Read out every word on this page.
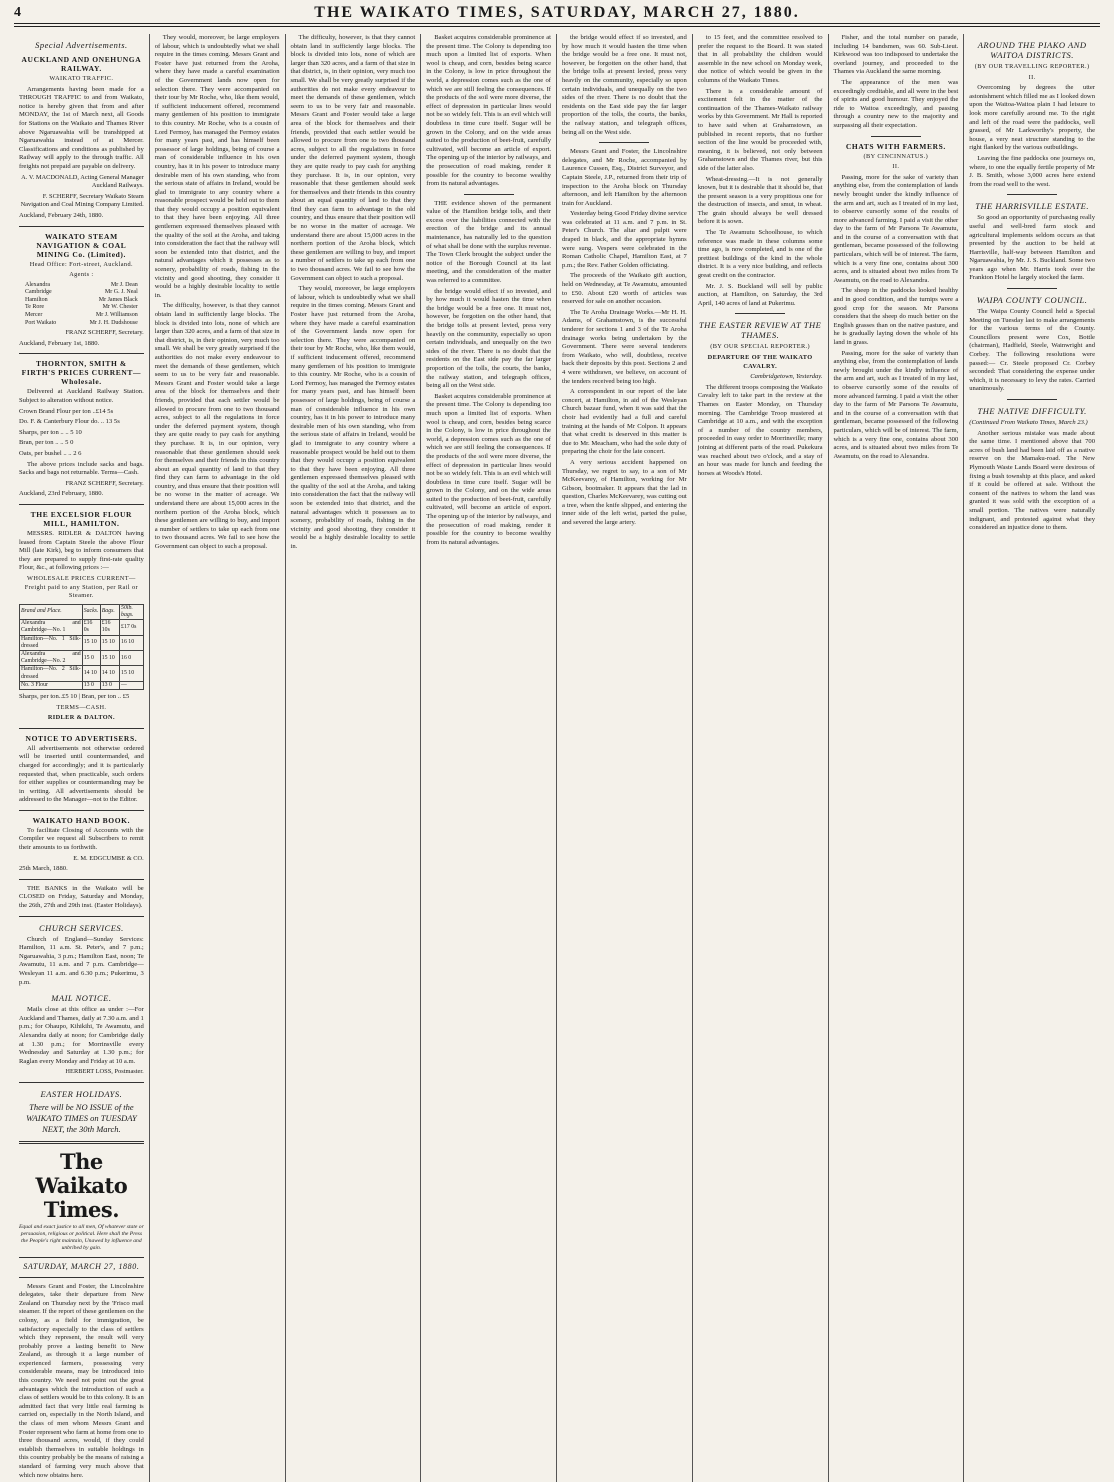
4	THE WAIKATO TIMES, SATURDAY, MARCH 27, 1880.
Special Advertisements.
AUCKLAND AND ONEHUNGA RAILWAY.
WAIKATO TRAFFIC.

Arrangements having been made for a THROUGH TRAFFIC to and from Waikato, notice is hereby given that from and after MONDAY, the 1st of March next, all Goods for Stations on the Waikato and Thames River above Ngaruawahia will be transhipped at Ngaruawahia instead of at Mercer. Classifications and conditions as published by Railway will apply to the through traffic. All freights not prepaid are payable on delivery.

A. V. MACDONALD, Acting General Manager Auckland Railways.
F. SCHERFF, Secretary Waikato Steam Navigation and Coal Mining Company Limited.

Auckland, February 24th, 1880.

WAIKATO STEAM NAVIGATION & COAL MINING Co. (Limited).
Head Office: Fort-street, Auckland.
Agents :
Alexandra	Mr J. Dean
Cambridge	Mr G. J. Neal
Hamilton	Mr James Black
Te Rore	Mr W. Chester
Mercer	Mr J. Williamson
Port Waikato	Mr J. H. Dudshouse
FRANZ SCHERFF, Secretary.

Auckland, February 1st, 1880.

THORNTON, SMITH & FIRTH'S PRICES CURRENT—Wholesale.

Delivered at Auckland Railway Station. Subject to alteration without notice.

Crown Brand Flour per ton ..£14 5s

Do. F. & Canterbury Flour do. .. 13 5s

Sharps, per ton .. .. 5 10

Bran, per ton .. .. 5 0

Oats, per bushel .. .. 2 6

The above prices include sacks and bags. Sacks and bags not returnable. Terms—Cash.

FRANZ SCHERFF, Secretary.

Auckland, 23rd February, 1880.

THE EXCELSIOR FLOUR MILL, HAMILTON.

MESSRS. RIDLER & DALTON having leased from Captain Steele the above Flour Mill (late Kirk), beg to inform consumers that they are prepared to supply first-rate quality Flour, &c., at following prices :—

WHOLESALE PRICES CURRENT— Freight paid to any Station, per Rail or Steamer.
Brand and Place.	Sacks.	Bags.	50lb. bags.
Alexandra and Cambridge—No. 1	£16 0s	£16 10s	£17 0s
Hamilton—No. 1 Silk-dressed	15 10	15 10	16 10
Alexandra and Cambridge—No. 2	15 0	15 10	16 0
Hamilton—No. 2 Silk-dressed	14 10	14 10	15 10
No. 3 Flour	13 0	13 0	—

Sharps, per ton..£5 10 | Bran, per ton .. £5

TERMS—CASH.
RIDLER & DALTON.
NOTICE TO ADVERTISERS.

All advertisements not otherwise ordered will be inserted until countermanded, and charged for accordingly; and it is particularly requested that, when practicable, such orders for either supplies or countermanding may be in writing. All advertisements should be addressed to the Manager—not to the Editor.

WAIKATO HAND BOOK.

To facilitate Closing of Accounts with the Compiler we request all Subscribers to remit their amounts to us forthwith.

E. M. EDGCUMBE & CO.

25th March, 1880.

THE BANKS in the Waikato will be CLOSED on Friday, Saturday and Monday, the 26th, 27th and 29th inst. (Easter Holidays).

CHURCH SERVICES.

Church of England—Sunday Services: Hamilton, 11 a.m. St. Peter's, and 7 p.m.; Ngaruawahia, 3 p.m.; Hamilton East, noon; Te Awamutu, 11 a.m. and 7 p.m. Cambridge—Wesleyan 11 a.m. and 6.30 p.m.; Pukerimu, 3 p.m.

MAIL NOTICE.

Mails close at this office as under :—For Auckland and Thames, daily at 7.30 a.m. and 1 p.m.; for Ohaupo, Kihikihi, Te Awamutu, and Alexandra daily at noon; for Cambridge daily at 1.30 p.m.; for Morrinsville every Wednesday and Saturday at 1.30 p.m.; for Raglan every Monday and Friday at 10 a.m.

HERBERT LOSS, Postmaster.
EASTER HOLIDAYS.
There will be NO ISSUE of the WAIKATO TIMES on TUESDAY NEXT, the 30th March.
The Waikato Times.

Equal and exact justice to all men, Of whatever state or persuasion, religious or political. Here shall the Press the People's right maintain, Unawed by influence and unbribed by gain.

SATURDAY, MARCH 27, 1880.

Messrs Grant and Foster, the Lincolnshire delegates, take their departure from New Zealand on Thursday next by the 'Frisco mail steamer. If the report of these gentlemen on the colony, as a field for immigration, be satisfactory especially to the class of settlers which they represent, the result will very probably prove a lasting benefit to New Zealand, as through it a large number of experienced farmers, possessing very considerable means, may be introduced into this country. We need not point out the great advantages which the introduction of such a class of settlers would be to this colony. It is an admitted fact that very little real farming is carried on, especially in the North Island, and the class of men whom Messrs Grant and Foster represent who farm at home from one to three thousand acres, would, if they could establish themselves in suitable holdings in this country probably be the means of raising a standard of farming very much above that which now obtains here.

They would, moreover, be large employers of labour, which is undoubtedly what we shall require in the times coming. Messrs Grant and Foster have just returned from the Aroha, where they have made a careful examination of the Government lands now open for selection there. They were accompanied on their tour by Mr Roche, who, like them would, if sufficient inducement offered, recommend many gentlemen of his position to immigrate to this country. Mr Roche, who is a cousin of Lord Fermoy, has managed the Fermoy estates for many years past, and has himself been possessor of large holdings, being of course a man of considerable influence in his own country, has it in his power to introduce many desirable men of his own standing, who from the serious state of affairs in Ireland, would be glad to immigrate to any country where a reasonable prospect would be held out to them that they would occupy a position equivalent to that they have been enjoying. All three gentlemen expressed themselves pleased with the quality of the soil at the Aroha, and taking into consideration the fact that the railway will soon be extended into that district, and the natural advantages which it possesses as to scenery, probability of roads, fishing in the vicinity and good shooting, they consider it would be a highly desirable locality to settle in.

The difficulty, however, is that they cannot obtain land in sufficiently large blocks. The block is divided into lots, none of which are larger than 320 acres, and a farm of that size in that district, is, in their opinion, very much too small. We shall be very greatly surprised if the authorities do not make every endeavour to meet the demands of these gentlemen, which seem to us to be very fair and reasonable. Messrs Grant and Foster would take a large area of the block for themselves and their friends, provided that each settler would be allowed to procure from one to two thousand acres, subject to all the regulations in force under the deferred payment system, though they are quite ready to pay cash for anything they purchase. It is, in our opinion, very reasonable that these gentlemen should seek for themselves and their friends in this country about an equal quantity of land to that they find they can farm to advantage in the old country, and thus ensure that their position will be no worse in the matter of acreage. We understand there are about 15,000 acres in the northern portion of the Aroha block, which these gentlemen are willing to buy, and import a number of settlers to take up each from one to two thousand acres. We fail to see how the Government can object to such a proposal.

The difficulty, however, is that they cannot obtain land in sufficiently large blocks. The block is divided into lots, none of which are larger than 320 acres, and a farm of that size in that district, is, in their opinion, very much too small. We shall be very greatly surprised if the authorities do not make every endeavour to meet the demands of these gentlemen, which seem to us to be very fair and reasonable. Messrs Grant and Foster would take a large area of the block for themselves and their friends, provided that each settler would be allowed to procure from one to two thousand acres, subject to all the regulations in force under the deferred payment system, though they are quite ready to pay cash for anything they purchase. It is, in our opinion, very reasonable that these gentlemen should seek for themselves and their friends in this country about an equal quantity of land to that they find they can farm to advantage in the old country, and thus ensure that their position will be no worse in the matter of acreage. We understand there are about 15,000 acres in the northern portion of the Aroha block, which these gentlemen are willing to buy, and import a number of settlers to take up each from one to two thousand acres. We fail to see how the Government can object to such a proposal.

They would, moreover, be large employers of labour, which is undoubtedly what we shall require in the times coming. Messrs Grant and Foster have just returned from the Aroha, where they have made a careful examination of the Government lands now open for selection there. They were accompanied on their tour by Mr Roche, who, like them would, if sufficient inducement offered, recommend many gentlemen of his position to immigrate to this country. Mr Roche, who is a cousin of Lord Fermoy, has managed the Fermoy estates for many years past, and has himself been possessor of large holdings, being of course a man of considerable influence in his own country, has it in his power to introduce many desirable men of his own standing, who from the serious state of affairs in Ireland, would be glad to immigrate to any country where a reasonable prospect would be held out to them that they would occupy a position equivalent to that they have been enjoying. All three gentlemen expressed themselves pleased with the quality of the soil at the Aroha, and taking into consideration the fact that the railway will soon be extended into that district, and the natural advantages which it possesses as to scenery, probability of roads, fishing in the vicinity and good shooting, they consider it would be a highly desirable locality to settle in.

Basket acquires considerable prominence at the present time. The Colony is depending too much upon a limited list of exports. When wool is cheap, and corn, besides being scarce in the Colony, is low in price throughout the world, a depression comes such as the one of which we are still feeling the consequences. If the products of the soil were more diverse, the effect of depression in particular lines would not be so widely felt. This is an evil which will doubtless in time cure itself. Sugar will be grown in the Colony, and on the wide areas suited to the production of beet-fruit, carefully cultivated, will become an article of export. The opening up of the interior by railways, and the prosecution of road making, render it possible for the country to become wealthy from its natural advantages.

THE evidence shown of the permanent value of the Hamilton bridge tolls, and their excess over the liabilities connected with the erection of the bridge and its annual maintenance, has naturally led to the question of what shall be done with the surplus revenue. The Town Clerk brought the subject under the notice of the Borough Council at its last meeting, and the consideration of the matter was referred to a committee.

the bridge would effect if so invested, and by how much it would hasten the time when the bridge would be a free one. It must not, however, be forgotten on the other hand, that the bridge tolls at present levied, press very heavily on the community, especially so upon certain individuals, and unequally on the two sides of the river. There is no doubt that the residents on the East side pay the far larger proportion of the tolls, the courts, the banks, the railway station, and telegraph offices, being all on the West side.

Basket acquires considerable prominence at the present time. The Colony is depending too much upon a limited list of exports. When wool is cheap, and corn, besides being scarce in the Colony, is low in price throughout the world, a depression comes such as the one of which we are still feeling the consequences. If the products of the soil were more diverse, the effect of depression in particular lines would not be so widely felt. This is an evil which will doubtless in time cure itself. Sugar will be grown in the Colony, and on the wide areas suited to the production of beet-fruit, carefully cultivated, will become an article of export. The opening up of the interior by railways, and the prosecution of road making, render it possible for the country to become wealthy from its natural advantages.

the bridge would effect if so invested, and by how much it would hasten the time when the bridge would be a free one. It must not, however, be forgotten on the other hand, that the bridge tolls at present levied, press very heavily on the community, especially so upon certain individuals, and unequally on the two sides of the river. There is no doubt that the residents on the East side pay the far larger proportion of the tolls, the courts, the banks, the railway station, and telegraph offices, being all on the West side.

Messrs Grant and Foster, the Lincolnshire delegates, and Mr Roche, accompanied by Laurence Cussen, Esq., District Surveyor, and Captain Steele, J.P., returned from their trip of inspection to the Aroha block on Thursday afternoon, and left Hamilton by the afternoon train for Auckland.

Yesterday being Good Friday divine service was celebrated at 11 a.m. and 7 p.m. in St. Peter's Church. The altar and pulpit were draped in black, and the appropriate hymns were sung. Vespers were celebrated in the Roman Catholic Chapel, Hamilton East, at 7 p.m.; the Rev. Father Golden officiating.

The proceeds of the Waikato gift auction, held on Wednesday, at Te Awamutu, amounted to £50. About £20 worth of articles was reserved for sale on another occasion.

The Te Aroha Drainage Works.—Mr H. H. Adams, of Grahamstown, is the successful tenderer for sections 1 and 3 of the Te Aroha drainage works being undertaken by the Government. There were several tenderers from Waikato, who will, doubtless, receive back their deposits by this post. Sections 2 and 4 were withdrawn, we believe, on account of the tenders received being too high.

A correspondent in our report of the late concert, at Hamilton, in aid of the Wesleyan Church bazaar fund, when it was said that the choir had evidently had a full and careful training at the hands of Mr Colpon. It appears that what credit is deserved in this matter is due to Mr. Meacham, who had the sole duty of preparing the choir for the late concert.

A very serious accident happened on Thursday, we regret to say, to a son of Mr McKeevarey, of Hamilton, working for Mr Gibson, bootmaker. It appears that the lad in question, Charles McKeevarey, was cutting out a tree, when the knife slipped, and entering the inner side of the left wrist, parted the pulse, and severed the large artery.

to 15 feet, and the committee resolved to prefer the request to the Board. It was stated that in all probability the children would assemble in the new school on Monday week, due notice of which would be given in the columns of the Waikato Times.

There is a considerable amount of excitement felt in the matter of the continuation of the Thames-Waikato railway works by this Government. Mr Hall is reported to have said when at Grahamstown, as published in recent reports, that no further section of the line would be proceeded with, meaning, it is believed, not only between Grahamstown and the Thames river, but this side of the latter also.

Wheat-dressing.—It is not generally known, but it is desirable that it should be, that the present season is a very propitious one for the destruction of insects, and smut, in wheat. The grain should always be well dressed before it is sown.

The Te Awamutu Schoolhouse, to which reference was made in these columns some time ago, is now completed, and is one of the prettiest buildings of the kind in the whole district. It is a very nice building, and reflects great credit on the contractor.

Mr. J. S. Buckland will sell by public auction, at Hamilton, on Saturday, the 3rd April, 140 acres of land at Pukerimu.

THE EASTER REVIEW AT THE THAMES.
(BY OUR SPECIAL REPORTER.)
DEPARTURE OF THE WAIKATO CAVALRY.

Cambridgetown, Yesterday.

The different troops composing the Waikato Cavalry left to take part in the review at the Thames on Easter Monday, on Thursday morning. The Cambridge Troop mustered at Cambridge at 10 a.m., and with the exception of a number of the country members, proceeded in easy order to Morrinsville; many joining at different parts of the road. Pukekura was reached about two o'clock, and a stay of an hour was made for lunch and feeding the horses at Woods's Hotel.

Fisher, and the total number on parade, including 14 bandsmen, was 60. Sub-Lieut. Kirkwood was too indisposed to undertake the overland journey, and proceeded to the Thames via Auckland the same morning.

The appearance of the men was exceedingly creditable, and all were in the best of spirits and good humour. They enjoyed the ride to Waitoa exceedingly, and passing through a country new to the majority and surpassing all their expectation.

CHATS WITH FARMERS.
(BY CINCINNATUS.)
II.

Passing, more for the sake of variety than anything else, from the contemplation of lands newly brought under the kindly influence of the arm and art, such as I treated of in my last, to observe cursorily some of the results of more advanced farming. I paid a visit the other day to the farm of Mr Parsons Te Awamutu, and in the course of a conversation with that gentleman, became possessed of the following particulars, which will be of interest. The farm, which is a very fine one, contains about 300 acres, and is situated about two miles from Te Awamutu, on the road to Alexandra.

The sheep in the paddocks looked healthy and in good condition, and the turnips were a good crop for the season. Mr Parsons considers that the sheep do much better on the English grasses than on the native pasture, and he is gradually laying down the whole of his land in grass.

Passing, more for the sake of variety than anything else, from the contemplation of lands newly brought under the kindly influence of the arm and art, such as I treated of in my last, to observe cursorily some of the results of more advanced farming. I paid a visit the other day to the farm of Mr Parsons Te Awamutu, and in the course of a conversation with that gentleman, became possessed of the following particulars, which will be of interest. The farm, which is a very fine one, contains about 300 acres, and is situated about two miles from Te Awamutu, on the road to Alexandra.

AROUND THE PIAKO AND WAITOA DISTRICTS.
(BY OUR TRAVELLING REPORTER.)
II.

Overcoming by degrees the utter astonishment which filled me as I looked down upon the Waitoa-Waitoa plain I had leisure to look more carefully around me. To the right and left of the road were the paddocks, well grassed, of Mr Larkworthy's property, the house, a very neat structure standing to the right flanked by the various outbuildings.

Leaving the fine paddocks one journeys on, where, to one the equally fertile property of Mr J. B. Smith, whose 3,000 acres here extend from the road well to the west.

THE HARRISVILLE ESTATE.

So good an opportunity of purchasing really useful and well-bred farm stock and agricultural implements seldom occurs as that presented by the auction to be held at Harrisville, half-way between Hamilton and Ngaruawahia, by Mr. J. S. Buckland. Some two years ago when Mr. Harris took over the Frankton Hotel he largely stocked the farm.

WAIPA COUNTY COUNCIL.

The Waipa County Council held a Special Meeting on Tuesday last to make arrangements for the various terms of the County. Councillors present were Cox, Bottle (chairman), Hadfield, Steele, Wainwright and Corbey. The following resolutions were passed:— Cr. Steele proposed Cr. Corbey seconded: That considering the expense under which, it is necessary to levy the rates. Carried unanimously.

THE NATIVE DIFFICULTY.

(Continued From Waikato Times, March 23.)

Another serious mistake was made about the same time. I mentioned above that 700 acres of bush land had been laid off as a native reserve on the Mamaku-road. The New Plymouth Waste Lands Board were desirous of fixing a bush township at this place, and asked if it could be offered at sale. Without the consent of the natives to whom the land was granted it was sold with the exception of a small portion. The natives were naturally indignant, and protested against what they considered an injustice done to them.
